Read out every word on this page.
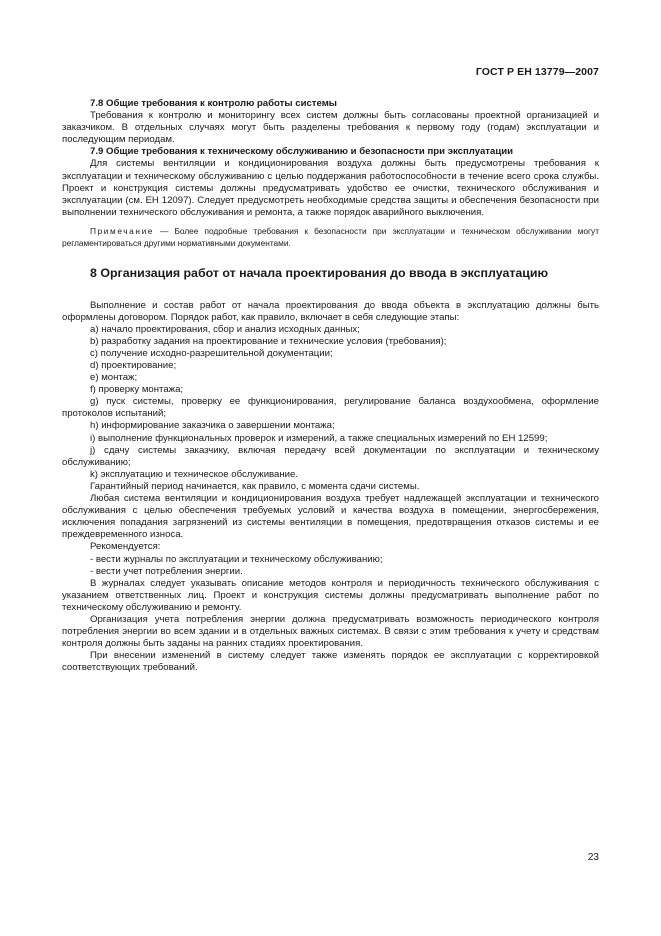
ГОСТ Р ЕН 13779—2007

7.8 Общие требования к контролю работы системы

Требования к контролю и мониторингу всех систем должны быть согласованы проектной организацией и заказчиком. В отдельных случаях могут быть разделены требования к первому году (годам) эксплуатации и последующим периодам.

7.9 Общие требования к техническому обслуживанию и безопасности при эксплуатации

Для системы вентиляции и кондиционирования воздуха должны быть предусмотрены требования к эксплуатации и техническому обслуживанию с целью поддержания работоспособности в течение всего срока службы. Проект и конструкция системы должны предусматривать удобство ее очистки, технического обслуживания и эксплуатации (см. ЕН 12097). Следует предусмотреть необходимые средства защиты и обеспечения безопасности при выполнении технического обслуживания и ремонта, а также порядок аварийного выключения.

Примечание — Более подробные требования к безопасности при эксплуатации и техническом обслуживании могут регламентироваться другими нормативными документами.

8 Организация работ от начала проектирования до ввода в эксплуатацию

Выполнение и состав работ от начала проектирования до ввода объекта в эксплуатацию должны быть оформлены договором. Порядок работ, как правило, включает в себя следующие этапы:

a) начало проектирования, сбор и анализ исходных данных;

b) разработку задания на проектирование и технические условия (требования);

c) получение исходно-разрешительной документации;

d) проектирование;

e) монтаж;

f) проверку монтажа;

g) пуск системы, проверку ее функционирования, регулирование баланса воздухообмена, оформление протоколов испытаний;

h) информирование заказчика о завершении монтажа;

i) выполнение функциональных проверок и измерений, а также специальных измерений по ЕН 12599;

j) сдачу системы заказчику, включая передачу всей документации по эксплуатации и техническому обслуживанию;

k) эксплуатацию и техническое обслуживание.

Гарантийный период начинается, как правило, с момента сдачи системы.

Любая система вентиляции и кондиционирования воздуха требует надлежащей эксплуатации и технического обслуживания с целью обеспечения требуемых условий и качества воздуха в помещении, энергосбережения, исключения попадания загрязнений из системы вентиляции в помещения, предотвращения отказов системы и ее преждевременного износа.

Рекомендуется:

- вести журналы по эксплуатации и техническому обслуживанию;

- вести учет потребления энергии.

В журналах следует указывать описание методов контроля и периодичность технического обслуживания с указанием ответственных лиц. Проект и конструкция системы должны предусматривать выполнение работ по техническому обслуживанию и ремонту.

Организация учета потребления энергии должна предусматривать возможность периодического контроля потребления энергии во всем здании и в отдельных важных системах. В связи с этим требования к учету и средствам контроля должны быть заданы на ранних стадиях проектирования.

При внесении изменений в систему следует также изменять порядок ее эксплуатации с корректировкой соответствующих требований.

23
